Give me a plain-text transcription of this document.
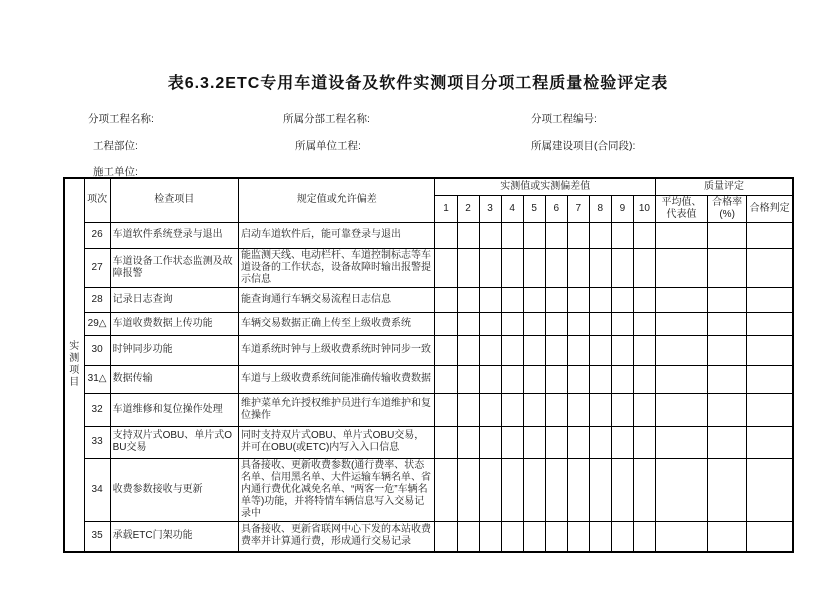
表6.3.2ETC专用车道设备及软件实测项目分项工程质量检验评定表
分项工程名称:	所属分部工程名称:	分项工程编号:
工程部位:	所属单位工程:	所属建设项目(合同段):
施工单位:
实测项目	项次	检查项目	规定值或允许偏差	实测值或实测偏差值										质量评定		
				1	2	3	4	5	6	7	8	9	10	平均值、代表值	合格率(%)	合格判定
	26	车道软件系统登录与退出	启动车道软件后，能可靠登录与退出													
	27	车道设备工作状态监测及故障报警	能监测天线、电动栏杆、车道控制标志等车道设备的工作状态，设备故障时输出报警提示信息													
	28	记录日志查询	能查询通行车辆交易流程日志信息													
	29△	车道收费数据上传功能	车辆交易数据正确上传至上级收费系统													
	30	时钟同步功能	车道系统时钟与上级收费系统时钟同步一致													
	31△	数据传输	车道与上级收费系统间能准确传输收费数据													
	32	车道维修和复位操作处理	维护菜单允许授权维护员进行车道维护和复位操作													
	33	支持双片式OBU、单片式OBU交易	同时支持双片式OBU、单片式OBU交易，并可在OBU(或ETC)内写入入口信息													
	34	收费参数接收与更新	具备接收、更新收费参数(通行费率、状态名单、信用黑名单、大件运输车辆名单、省内通行费优化减免名单、“两客一危”车辆名单等)功能，并将特情车辆信息写入交易记录中													
	35	承载ETC门架功能	具备接收、更新省联网中心下发的本站收费费率并计算通行费，形成通行交易记录													
